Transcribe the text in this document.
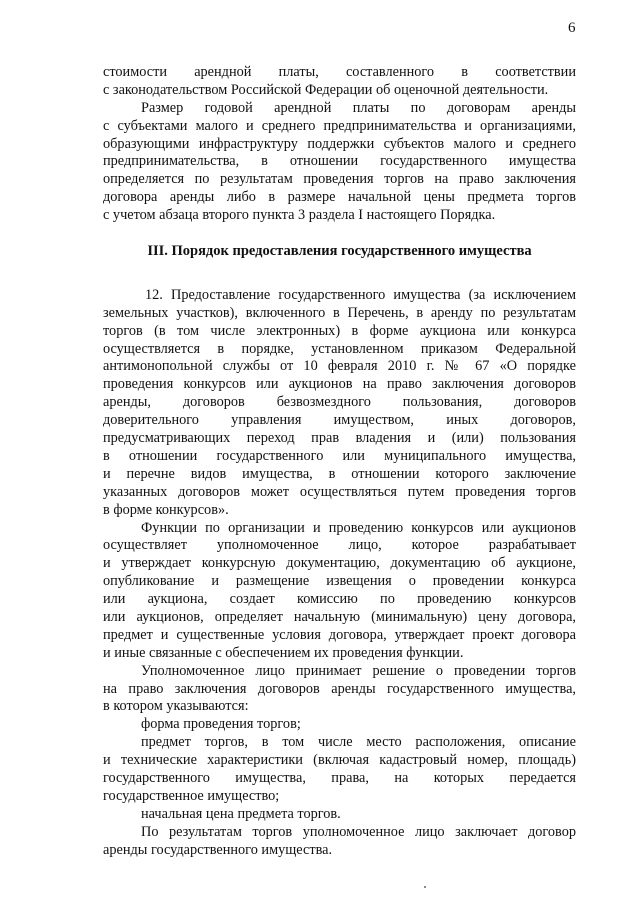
6
стоимости арендной платы, составленного в соответствии
с законодательством Российской Федерации об оценочной деятельности.
Размер годовой арендной платы по договорам аренды
с субъектами малого и среднего предпринимательства и организациями,
образующими инфраструктуру поддержки субъектов малого и среднего
предпринимательства, в отношении государственного имущества
определяется по результатам проведения торгов на право заключения
договора аренды либо в размере начальной цены предмета торгов
с учетом абзаца второго пункта 3 раздела I настоящего Порядка.
III. Порядок предоставления государственного имущества
12. Предоставление государственного имущества (за исключением
земельных участков), включенного в Перечень, в аренду по результатам
торгов (в том числе электронных) в форме аукциона или конкурса
осуществляется в порядке, установленном приказом Федеральной
антимонопольной службы от 10 февраля 2010 г. № 67 «О порядке
проведения конкурсов или аукционов на право заключения договоров
аренды, договоров безвозмездного пользования, договоров
доверительного управления имуществом, иных договоров,
предусматривающих переход прав владения и (или) пользования
в отношении государственного или муниципального имущества,
и перечне видов имущества, в отношении которого заключение
указанных договоров может осуществляться путем проведения торгов
в форме конкурсов».
Функции по организации и проведению конкурсов или аукционов
осуществляет уполномоченное лицо, которое разрабатывает
и утверждает конкурсную документацию, документацию об аукционе,
опубликование и размещение извещения о проведении конкурса
или аукциона, создает комиссию по проведению конкурсов
или аукционов, определяет начальную (минимальную) цену договора,
предмет и существенные условия договора, утверждает проект договора
и иные связанные с обеспечением их проведения функции.
Уполномоченное лицо принимает решение о проведении торгов
на право заключения договоров аренды государственного имущества,
в котором указываются:
форма проведения торгов;
предмет торгов, в том числе место расположения, описание
и технические характеристики (включая кадастровый номер, площадь)
государственного имущества, права, на которых передается
государственное имущество;
начальная цена предмета торгов.
По результатам торгов уполномоченное лицо заключает договор
аренды государственного имущества.
